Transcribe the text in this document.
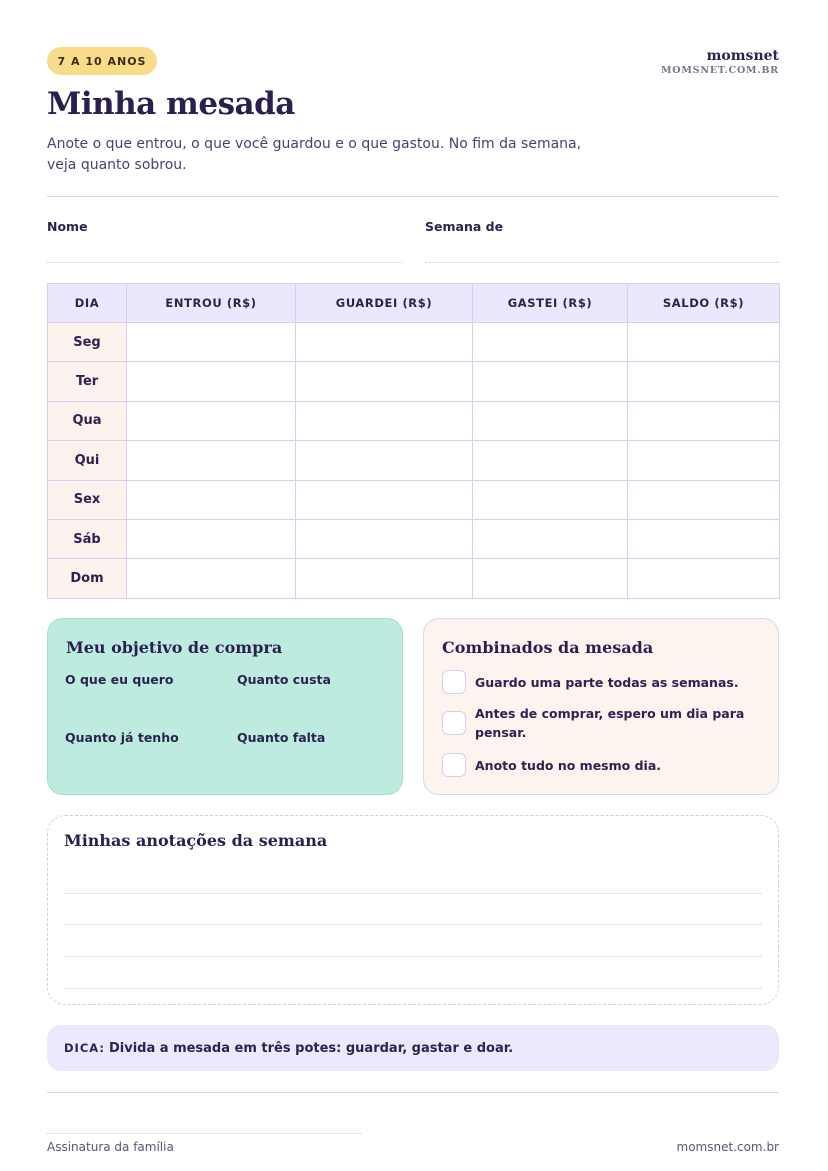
7 A 10 ANOS	momsnet
MOMSNET.COM.BR
Minha mesada

Anote o que entrou, o que você guardou e o que gastou. No fim da semana, veja quanto sobrou.

Nome	Semana de
DIA	ENTROU (R$)	GUARDEI (R$)	GASTEI (R$)	SALDO (R$)
Seg				
Ter				
Qua				
Qui				
Sex				
Sáb				
Dom				
Meu objetivo de compra
O que eu quero	Quanto custa
Quanto já tenho	Quanto falta
Combinados da mesada
Guardo uma parte todas as semanas.
Antes de comprar, espero um dia para pensar.
Anoto tudo no mesmo dia.
Minhas anotações da semana
DICA: Divida a mesada em três potes: guardar, gastar e doar.
Assinatura da família	momsnet.com.br
